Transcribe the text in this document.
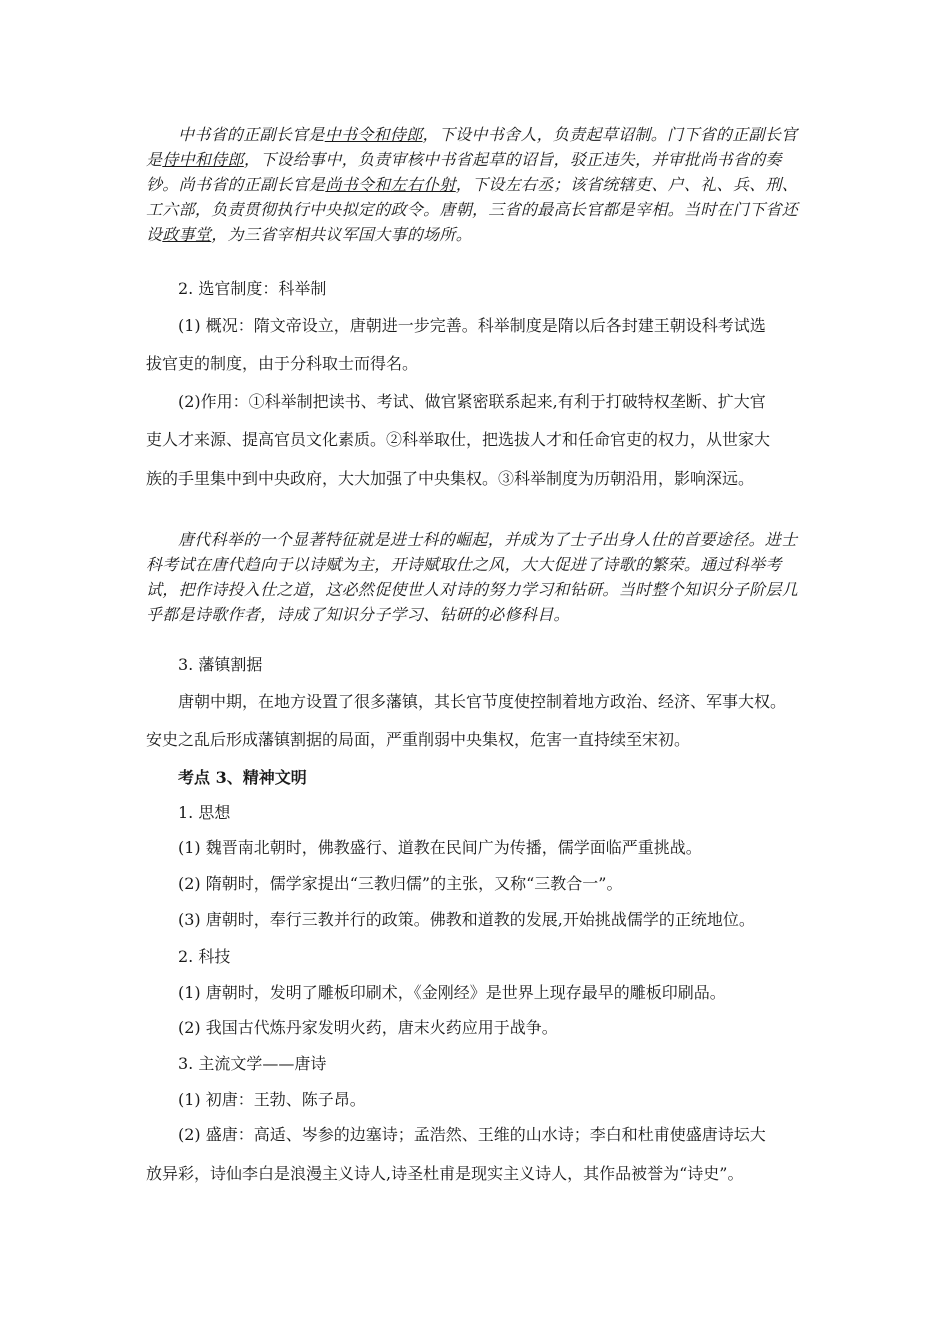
中书省的正副长官是中书令和侍郎，下设中书舍人，负责起草诏制。门下省的正副长官是侍中和侍郎，下设给事中，负责审核中书省起草的诏旨，驳正违失，并审批尚书省的奏钞。尚书省的正副长官是尚书令和左右仆射，下设左右丞；该省统辖吏、户、礼、兵、刑、工六部，负责贯彻执行中央拟定的政令。唐朝，三省的最高长官都是宰相。当时在门下省还设政事堂，为三省宰相共议军国大事的场所。

2. 选官制度：科举制

(1) 概况：隋文帝设立，唐朝进一步完善。科举制度是隋以后各封建王朝设科考试选

拔官吏的制度，由于分科取士而得名。

(2)作用：①科举制把读书、考试、做官紧密联系起来,有利于打破特权垄断、扩大官

吏人才来源、提高官员文化素质。②科举取仕，把选拔人才和任命官吏的权力，从世家大

族的手里集中到中央政府，大大加强了中央集权。③科举制度为历朝沿用，影响深远。

唐代科举的一个显著特征就是进士科的崛起，并成为了士子出身人仕的首要途径。进士科考试在唐代趋向于以诗赋为主，开诗赋取仕之风，大大促进了诗歌的繁荣。通过科举考试，把作诗投入仕之道，这必然促使世人对诗的努力学习和钻研。当时整个知识分子阶层几乎都是诗歌作者，诗成了知识分子学习、钻研的必修科目。

3. 藩镇割据

唐朝中期，在地方设置了很多藩镇，其长官节度使控制着地方政治、经济、军事大权。

安史之乱后形成藩镇割据的局面，严重削弱中央集权，危害一直持续至宋初。

考点 3、精神文明

1. 思想

(1) 魏晋南北朝时，佛教盛行、道教在民间广为传播，儒学面临严重挑战。

(2) 隋朝时，儒学家提出“三教归儒”的主张，又称“三教合一”。

(3) 唐朝时，奉行三教并行的政策。佛教和道教的发展,开始挑战儒学的正统地位。

2. 科技

(1) 唐朝时，发明了雕板印刷术，《金刚经》是世界上现存最早的雕板印刷品。

(2) 我国古代炼丹家发明火药，唐末火药应用于战争。

3. 主流文学——唐诗

(1) 初唐：王勃、陈子昂。

(2) 盛唐：高适、岑参的边塞诗；孟浩然、王维的山水诗；李白和杜甫使盛唐诗坛大

放异彩，诗仙李白是浪漫主义诗人,诗圣杜甫是现实主义诗人，其作品被誉为“诗史”。
